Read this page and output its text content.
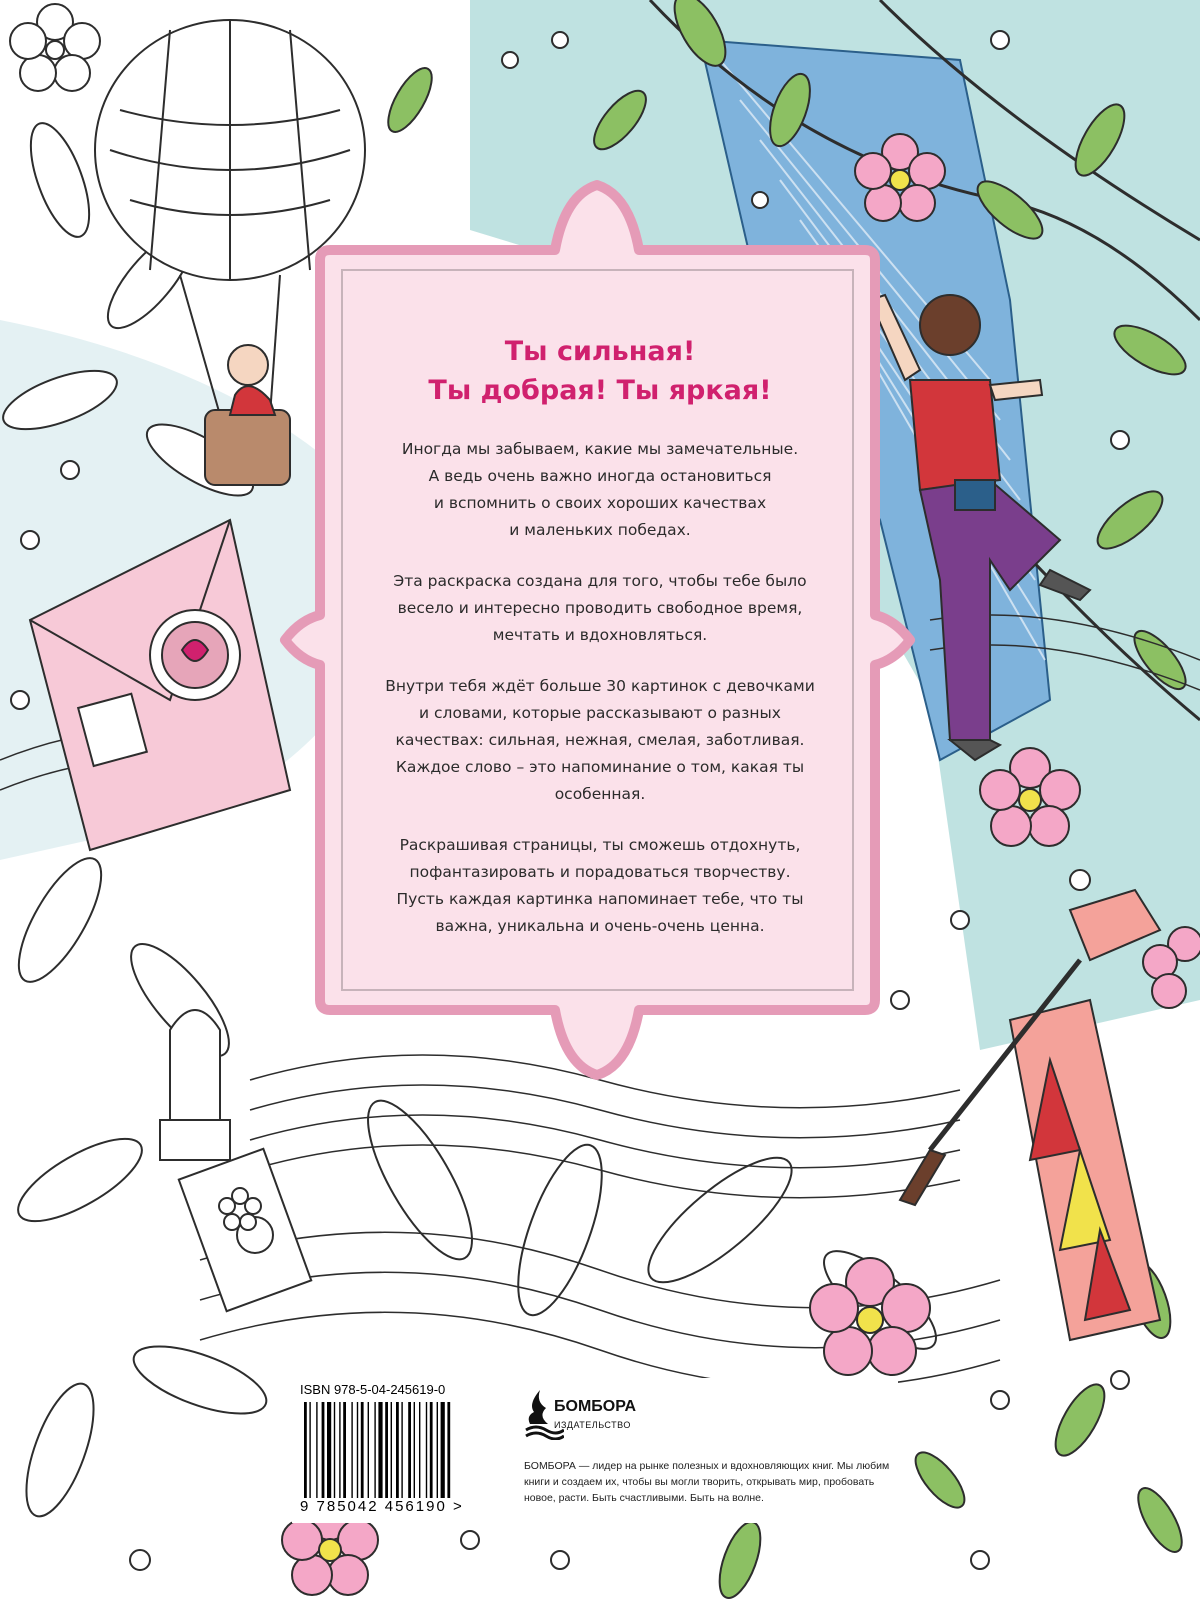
Ты сильная!
Ты добрая! Ты яркая!

Иногда мы забываем, какие мы замечательные.
А ведь очень важно иногда остановиться
и вспомнить о своих хороших качествах
и маленьких победах.

Эта раскраска создана для того, чтобы тебе было
весело и интересно проводить свободное время,
мечтать и вдохновляться.

Внутри тебя ждёт больше 30 картинок с девочками
и словами, которые рассказывают о разных
качествах: сильная, нежная, смелая, заботливая.
Каждое слово – это напоминание о том, какая ты
особенная.

Раскрашивая страницы, ты сможешь отдохнуть,
пофантазировать и порадоваться творчеству.
Пусть каждая картинка напоминает тебе, что ты
важна, уникальна и очень-очень ценна.

ISBN 978-5-04-245619-0
9 785042 456190 >
БОМБОРА
ИЗДАТЕЛЬСТВО
БОМБОРА — лидер на рынке полезных и вдохновляющих книг. Мы любим книги и создаем их, чтобы вы могли творить, открывать мир, пробовать новое, расти. Быть счастливыми. Быть на волне.
